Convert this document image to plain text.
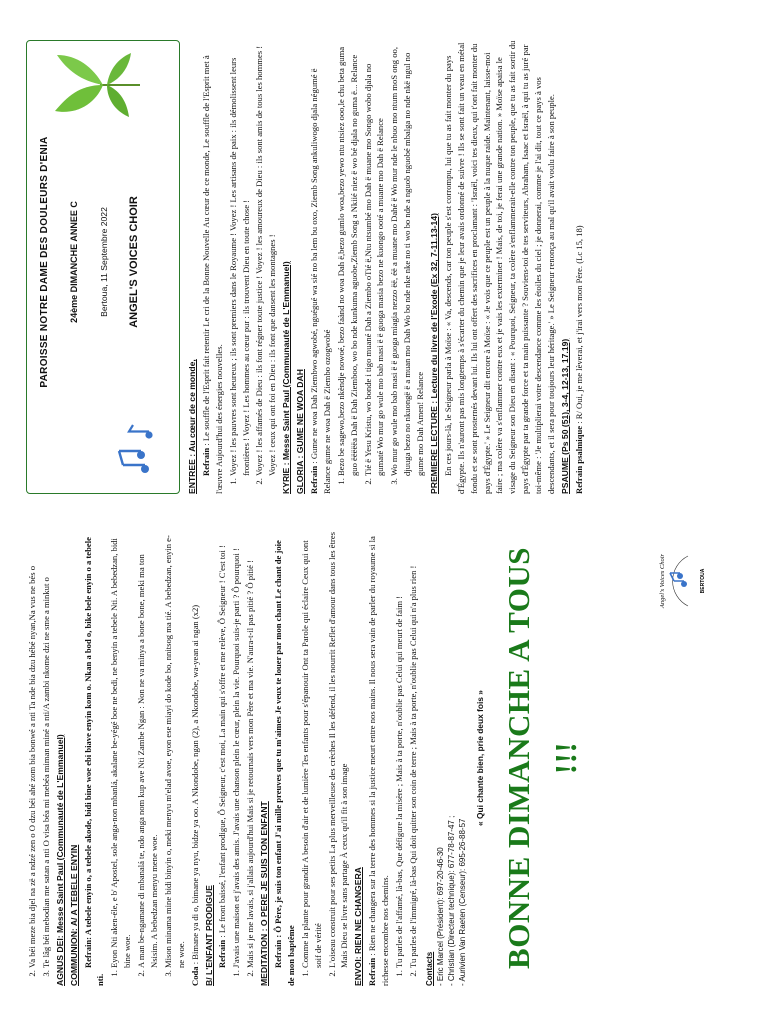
2. Va béi meze bia djel na zë a ndzé zen o O dzu béi ahé zom bia bonwé a nti Ta nde bia dzu hébé nyan,Na vus ne bés o 3. Te lâg béi mebodian me satan a nti O visa béa mi mebéa miman miné a nti/A zambi nkome dzi ne sme a minkut o AGNUS DEI: Messe Saint Paul (Communauté de L'Emmanuel) COMMUNION: A/ A TEBELE ENYIN Refrain: A tebele enyin o, a tebele akode, bidi bine woe ebi biave enyin kom o. Nkan a bod o, bike bele enyin o a tebele nti.

1. Eyon Nti aken-éle, e b' Apostel, sole anga-non mbanlá, akalane be-yégé boe ne bedi, ne benyin a tebele Nti. A bebedzan, bidi bine woe. 2. A man be-ngamane di mbanalá te, ndo anga nom kup ave Nti Zambe Ngan : Non ne va minya a bone bone, meki ma ton Nsisim. A bebedzan menyu mene woe. 3. Mison minama mine bidi binyin o, meki menyu m'elad avoe, eyon ese miayi do kode bo, nnitsog ma tié. A bebedzan, enyin e-ne woe.

Coda : Bimane ya di o, bimane ya nyu, bidze ya oo. A Nkondobe, ngan (2), a Nkondobe, wa-yean ai ngan (x2) B/ L'ENFANT PRODIGUE Refrain : Le front baissé, l'enfant prodigue, Ô Seigneur, c'est moi, La main qui s'offre et me relève, Ô Seigneur ! C'est toi ! 1. J'avais une maison et j'avais des amis. J'avais une chanson plein le cœur, plein la vie. Pourquoi suis-je parti ? Ô pourquoi ! 2. Mais si je me lavais, si j'allais aujourd'hui Mais si je retournais vers mon Père et ma vie. N'aura-t-il pas pitié ? Ô pitié ! MEDITATION : O PERE JE SUIS TON ENFANT Refrain : Ô Père, je suis ton enfant J'ai mille preuves que tu m'aimes Je veux te louer par mon chant Le chant de joie de mon baptême 1. Comme la plante pour grandir A besoin d'air et de lumière Tes enfants pour s'épanouir Ont ta Parole qui éclaire Ceux qui ont soif de vérité 2. L'oiseau construit pour ses petits La plus merveilleuse des crèches Il les défend, il les nourrit Reflet d'amour dans tous les êtres Mais Dieu se livre sans partage À ceux qu'il fit à son image ENVOI: RIEN NE CHANGERA Refrain : Rien ne changera sur la terre des hommes si la justice meurt entre nos mains. Il nous sera vain de parler du royaume si la richesse encombre nos chemins. 1. Tu parles de l'affamé, là-bas, Que défigure la misère ; Mais à ta porte, n'oublie pas Celui qui meurt de faim ! 2. Tu parles de l'immigré, là-bas Qui doit quitter son coin de terre ; Mais à ta porte, n'oublie pas Celui qui n'a plus rien !
Contacts - Eric Marcel (Président): 697-20-46-30 - Christian (Directeur technique): 677-78-87-47 ; - Aurivien Van Raeten (Censeur): 695-26-88-57
« Qui chante bien, prie deux fois » BONNE DIMANCHE A TOUS !!!
Angel's Voices Choir	BERTOUA
PAROISSE NOTRE DAME DES DOULEURS D'ENIA 24ème DIMANCHE ANNEE C Bertoua, 11 Septembre 2022 ANGEL'S VOICES CHOIR

ENTREE : Au cœur de ce monde, Refrain : Le souffle de l'Esprit fait retentir Le cri de la Bonne Nouvelle Au cœur de ce monde, Le souffle de l'Esprit met à l'œuvre Aujourd'hui des énergies nouvelles. 1. Voyez ! les pauvres sont heureux ; ils sont premiers dans le Royaume ! Voyez ! Les artisans de paix : ils démolissent leurs frontières ! Voyez ! Les hommes au cœur pur : ils trouvent Dieu en toute chose ! 2. Voyez ! les affamés de Dieu : ils font régner toute justice ! Voyez ! les amoureux de Dieu : ils sont amis de tous les hommes ! Voyez ! ceux qui ont foi en Dieu : ils font que dansent les montagnes ! KYRIE : Messe Saint Paul (Communauté de L'Emmanuel) GLORIA : GUME NE WOA DAH Refrain : Gume ne woa Dah Ziembwo agwobé, nguégué wa sié no ba lem bu oxo, Ziemb Song ankuliwogo djala négumé ë Relance gume ne woa Dah ë Ziembo ozogwobé 1. Bezo be sagewo,bezo nkèndje nowoé, bezo faànd no woa Dah ë,bezo gumlo woa,bezo yewo ntu ntsiez ooo,le chu beta guma guo ëëëëëa Dah ë Dah Ziemboo, wo bo nde kunkuma aguobe,Ziemb Song a Nkiié niez ë wo bé djala no guma ë... Relance 2. Tié ë Yesu Kristu, wo bonde i tigo muané Dah a Ziembo oTié ë,Ntu ntsumbé mo Dah ë muane mo Songo wobo djala no gumaté Wo mur go wule mo bab masi ë ë guoga masia bezo ne kuongo ooté a muane mo Dah ë Relance 3. Wo mur go wule mo bab masi ë ë guoga miagia nezzo ëë, éë a muane mo Dahé ë Wo mur nde le nbuo mo ntum moS ong oo, djuuga bezo no nkuongë ë a muan mo Dah Wo bo nde nke nke no ti wo bo nde a nguob nguobé mbalga no nde nkë ngul no gume mo Dah Amen! Relance PREMIERE LECTURE : Lecture du livre de l'Exode (Ex 32, 7-11.13-14) En ces jours-là, le Seigneur parla à Moïse : « Va, descends, car ton peuple s'est corrompu, lui que tu as fait monter du pays d'Égypte. Ils n'auront pas mis longtemps à s'écarter du chemin que je leur avais ordonné de suivre ! Ils se sont fait un veau en métal fondu et se sont prosternés devant lui. Ils lui ont offert des sacrifices en proclamant : 'Israël, voici tes dieux, qui t'ont fait monter du pays d'Égypte.' » Le Seigneur dit encore à Moïse : « Je vois que ce peuple est un peuple à la nuque raide. Maintenant, laisse-moi faire ; ma colère va s'enflammer contre eux et je vais les exterminer ! Mais, de toi, je ferai une grande nation. » Moïse apaisa le visage du Seigneur son Dieu en disant : « Pourquoi, Seigneur, ta colère s'enflammerait-elle contre ton peuple, que tu as fait sortir du pays d'Égypte par ta grande force et ta main puissante ? Souviens-toi de tes serviteurs, Abraham, Isaac et Israël, à qui tu as juré par toi-même : 'Je multiplierai votre descendance comme les étoiles du ciel ; je donnerai, comme je l'ai dit, tout ce pays à vos descendants, et il sera pour toujours leur héritage.' » Le Seigneur renonça au mal qu'il avait voulu faire à son peuple. PSAUME (Ps 50 (51), 3-4, 12-13, 17.19) Refrain psalmique : R/ Oui, je me lèverai, et j'irai vers mon Père. (Lc 15, 18)
